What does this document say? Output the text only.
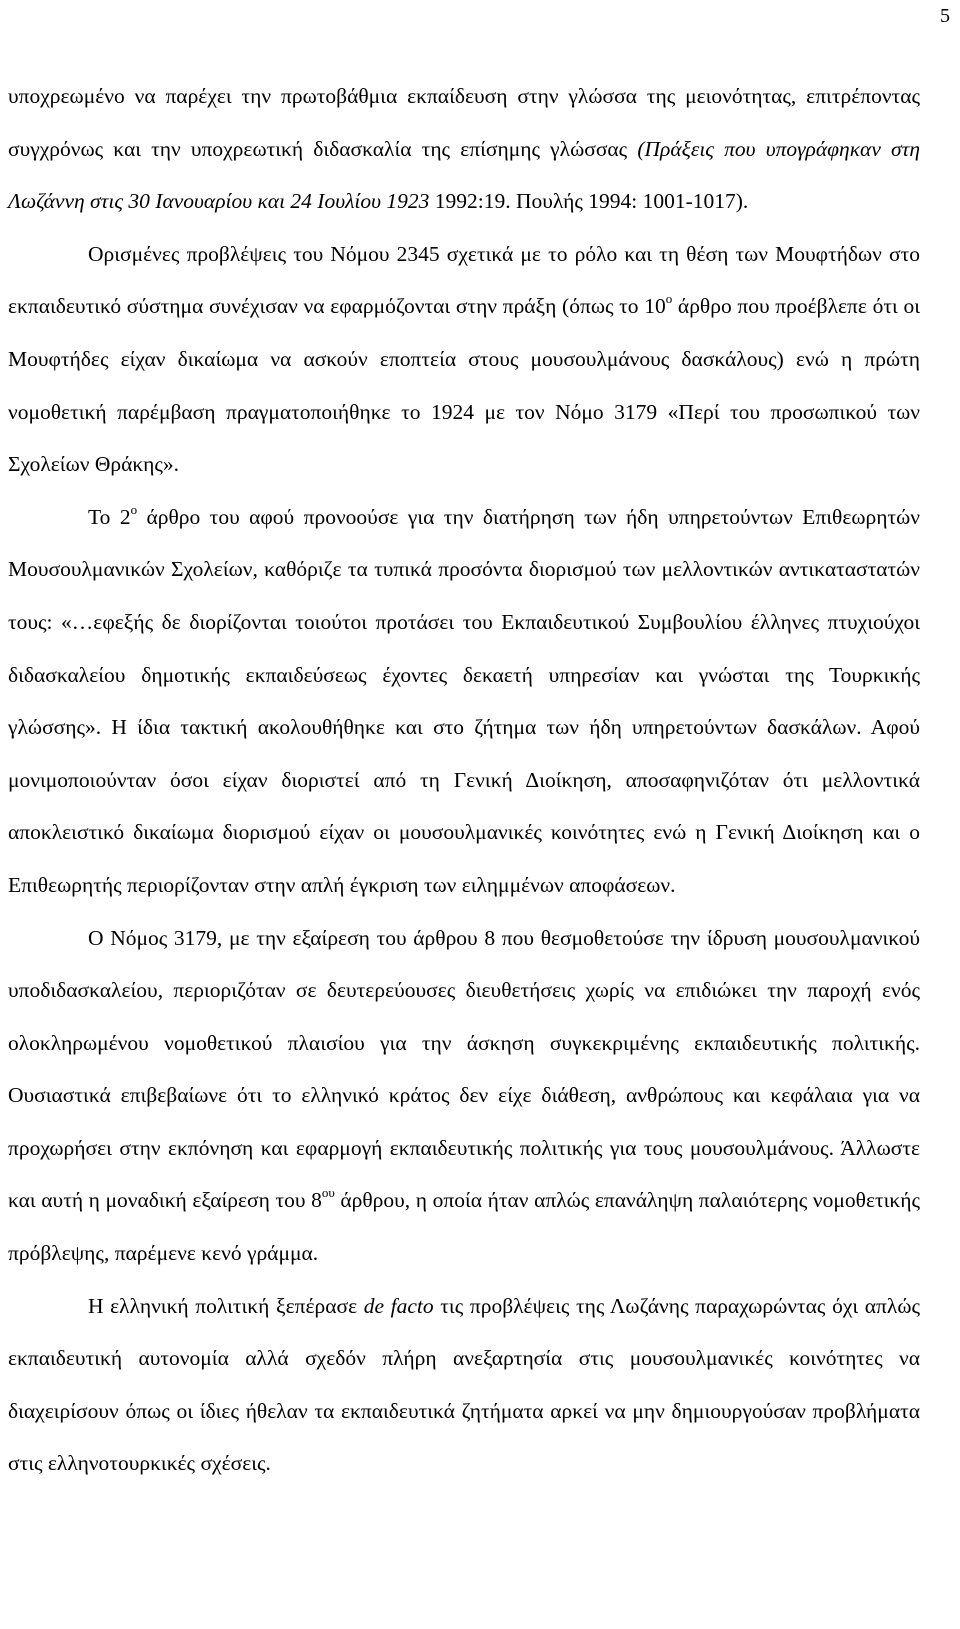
5

υποχρεωμένο να παρέχει την πρωτοβάθμια εκπαίδευση στην γλώσσα της μειονότητας, επιτρέποντας συγχρόνως και την υποχρεωτική διδασκαλία της επίσημης γλώσσας (Πράξεις που υπογράφηκαν στη Λωζάννη στις 30 Ιανουαρίου και 24 Ιουλίου 1923 1992:19. Πουλής 1994: 1001-1017).

Ορισμένες προβλέψεις του Νόμου 2345 σχετικά με το ρόλο και τη θέση των Μουφτήδων στο εκπαιδευτικό σύστημα συνέχισαν να εφαρμόζονται στην πράξη (όπως το $10^o$ άρθρο που προέβλεπε ότι οι Μουφτήδες είχαν δικαίωμα να ασκούν εποπτεία στους μουσουλμάνους δασκάλους) ενώ η πρώτη νομοθετική παρέμβαση πραγματοποιήθηκε το 1924 με τον Νόμο 3179 «Περί του προσωπικού των Σχολείων Θράκης».

Το $2^o$ άρθρο του αφού προνοούσε για την διατήρηση των ήδη υπηρετούντων Επιθεωρητών Μουσουλμανικών Σχολείων, καθόριζε τα τυπικά προσόντα διορισμού των μελλοντικών αντικαταστατών τους: «…εφεξής δε διορίζονται τοιούτοι προτάσει του Εκπαιδευτικού Συμβουλίου έλληνες πτυχιούχοι διδασκαλείου δημοτικής εκπαιδεύσεως έχοντες δεκαετή υπηρεσίαν και γνώσται της Τουρκικής γλώσσης». Η ίδια τακτική ακολουθήθηκε και στο ζήτημα των ήδη υπηρετούντων δασκάλων. Αφού μονιμοποιούνταν όσοι είχαν διοριστεί από τη Γενική Διοίκηση, αποσαφηνιζόταν ότι μελλοντικά αποκλειστικό δικαίωμα διορισμού είχαν οι μουσουλμανικές κοινότητες ενώ η Γενική Διοίκηση και ο Επιθεωρητής περιορίζονταν στην απλή έγκριση των ειλημμένων αποφάσεων.

Ο Νόμος 3179, με την εξαίρεση του άρθρου 8 που θεσμοθετούσε την ίδρυση μουσουλμανικού υποδιδασκαλείου, περιοριζόταν σε δευτερεύουσες διευθετήσεις χωρίς να επιδιώκει την παροχή ενός ολοκληρωμένου νομοθετικού πλαισίου για την άσκηση συγκεκριμένης εκπαιδευτικής πολιτικής. Ουσιαστικά επιβεβαίωνε ότι το ελληνικό κράτος δεν είχε διάθεση, ανθρώπους και κεφάλαια για να προχωρήσει στην εκπόνηση και εφαρμογή εκπαιδευτικής πολιτικής για τους μουσουλμάνους. Άλλωστε και αυτή η μοναδική εξαίρεση του $8^{o\upsilon}$ άρθρου, η οποία ήταν απλώς επανάληψη παλαιότερης νομοθετικής πρόβλεψης, παρέμενε κενό γράμμα.

Η ελληνική πολιτική ξεπέρασε de facto τις προβλέψεις της Λωζάνης παραχωρώντας όχι απλώς εκπαιδευτική αυτονομία αλλά σχεδόν πλήρη ανεξαρτησία στις μουσουλμανικές κοινότητες να διαχειρίσουν όπως οι ίδιες ήθελαν τα εκπαιδευτικά ζητήματα αρκεί να μην δημιουργούσαν προβλήματα στις ελληνοτουρκικές σχέσεις.
